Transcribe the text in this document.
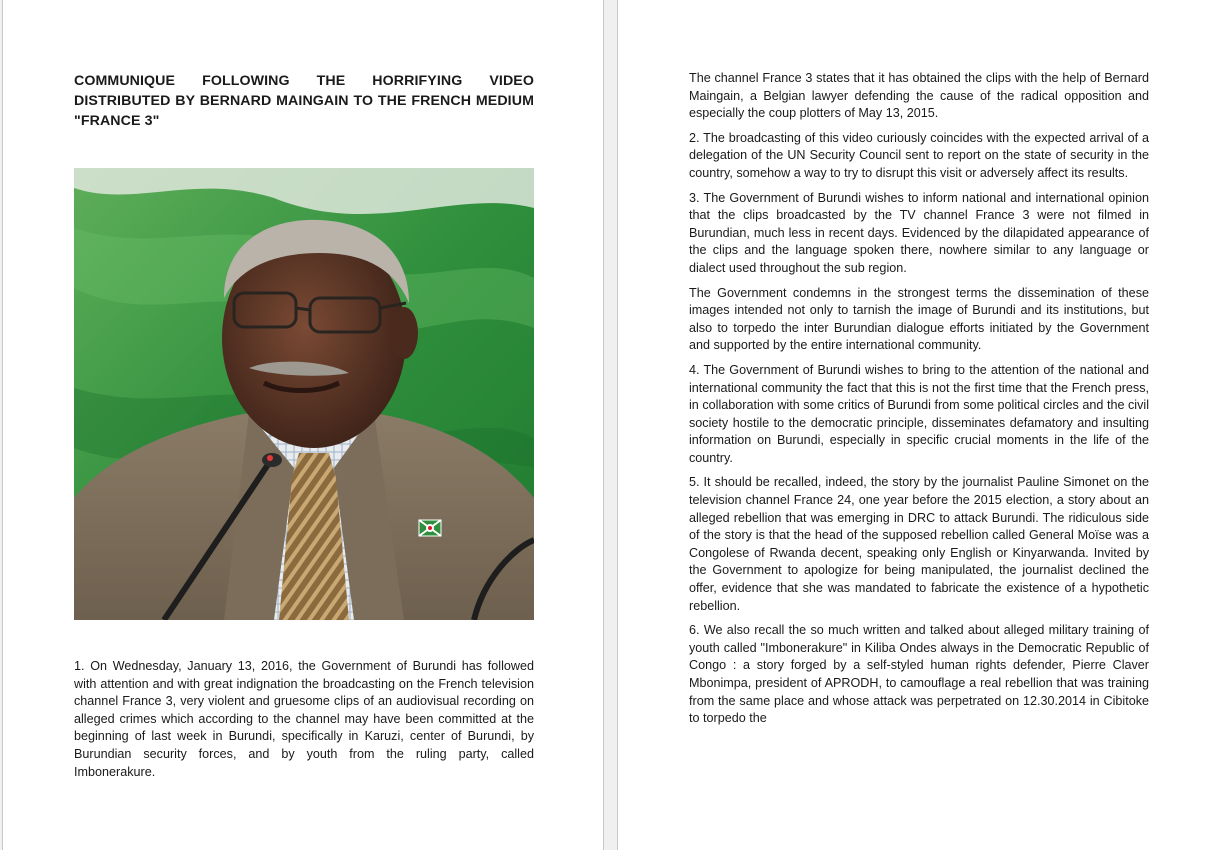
COMMUNIQUE FOLLOWING THE HORRIFYING VIDEO DISTRIBUTED BY BERNARD MAINGAIN TO THE FRENCH MEDIUM "FRANCE 3"

1. On Wednesday, January 13, 2016, the Government of Burundi has followed with attention and with great indignation the broadcasting on the French television channel France 3, very violent and gruesome clips of an audiovisual recording on alleged crimes which according to the channel may have been committed at the beginning of last week in Burundi, specifically in Karuzi, center of Burundi, by Burundian security forces, and by youth from the ruling party, called Imbonerakure.

The channel France 3 states that it has obtained the clips with the help of Bernard Maingain, a Belgian lawyer defending the cause of the radical opposition and especially the coup plotters of May 13, 2015.

2. The broadcasting of this video curiously coincides with the expected arrival of a delegation of the UN Security Council sent to report on the state of security in the country, somehow a way to try to disrupt this visit or adversely affect its results.

3. The Government of Burundi wishes to inform national and international opinion that the clips broadcasted by the TV channel France 3 were not filmed in Burundian, much less in recent days. Evidenced by the dilapidated appearance of the clips and the language spoken there, nowhere similar to any language or dialect used throughout the sub region.

The Government condemns in the strongest terms the dissemination of these images intended not only to tarnish the image of Burundi and its institutions, but also to torpedo the inter Burundian dialogue efforts initiated by the Government and supported by the entire international community.

4. The Government of Burundi wishes to bring to the attention of the national and international community the fact that this is not the first time that the French press, in collaboration with some critics of Burundi from some political circles and the civil society hostile to the democratic principle, disseminates defamatory and insulting information on Burundi, especially in specific crucial moments in the life of the country.

5. It should be recalled, indeed, the story by the journalist Pauline Simonet on the television channel France 24, one year before the 2015 election, a story about an alleged rebellion that was emerging in DRC to attack Burundi. The ridiculous side of the story is that the head of the supposed rebellion called General Moïse was a Congolese of Rwanda decent, speaking only English or Kinyarwanda. Invited by the Government to apologize for being manipulated, the journalist declined the offer, evidence that she was mandated to fabricate the existence of a hypothetic rebellion.

6. We also recall the so much written and talked about alleged military training of youth called "Imbonerakure" in Kiliba Ondes always in the Democratic Republic of Congo : a story forged by a self-styled human rights defender, Pierre Claver Mbonimpa, president of APRODH, to camouflage a real rebellion that was training from the same place and whose attack was perpetrated on 12.30.2014 in Cibitoke to torpedo the
